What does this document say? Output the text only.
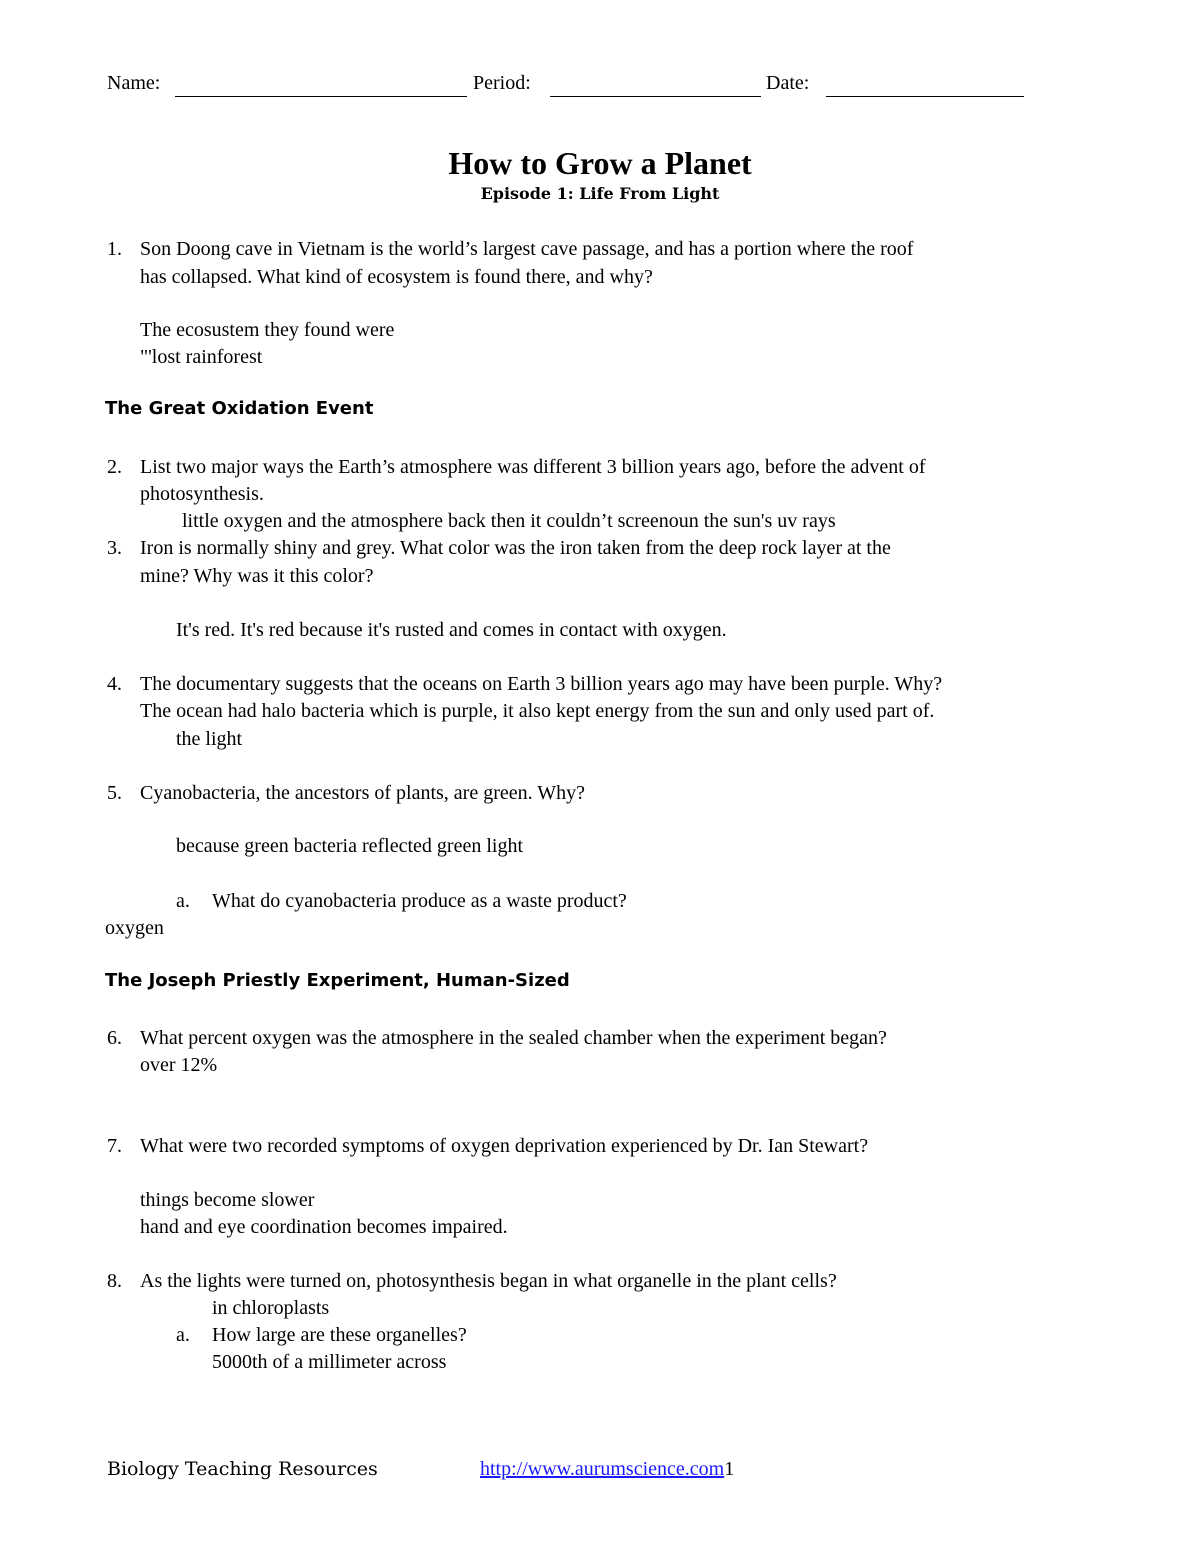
Name:	Period:	Date:
How to Grow a Planet
Episode 1: Life From Light
1. Son Doong cave in Vietnam is the world’s largest cave passage, and has a portion where the roof
has collapsed. What kind of ecosystem is found there, and why?
The ecosustem they found were
"'lost rainforest
The Great Oxidation Event
2. List two major ways the Earth’s atmosphere was different 3 billion years ago, before the advent of
photosynthesis.
little oxygen and the atmosphere back then it couldn’t screenoun the sun's uv rays
3. Iron is normally shiny and grey. What color was the iron taken from the deep rock layer at the
mine? Why was it this color?
It's red. It's red because it's rusted and comes in contact with oxygen.
4. The documentary suggests that the oceans on Earth 3 billion years ago may have been purple. Why?
The ocean had halo bacteria which is purple, it also kept energy from the sun and only used part of.
the light
5. Cyanobacteria, the ancestors of plants, are green. Why?
because green bacteria reflected green light
a. What do cyanobacteria produce as a waste product?
oxygen
The Joseph Priestly Experiment, Human-Sized
6. What percent oxygen was the atmosphere in the sealed chamber when the experiment began?
over 12%
7. What were two recorded symptoms of oxygen deprivation experienced by Dr. Ian Stewart?
things become slower
hand and eye coordination becomes impaired.
8. As the lights were turned on, photosynthesis began in what organelle in the plant cells?
in chloroplasts
a. How large are these organelles?
5000th of a millimeter across
Biology Teaching Resources	http://www.aurumscience.com1
